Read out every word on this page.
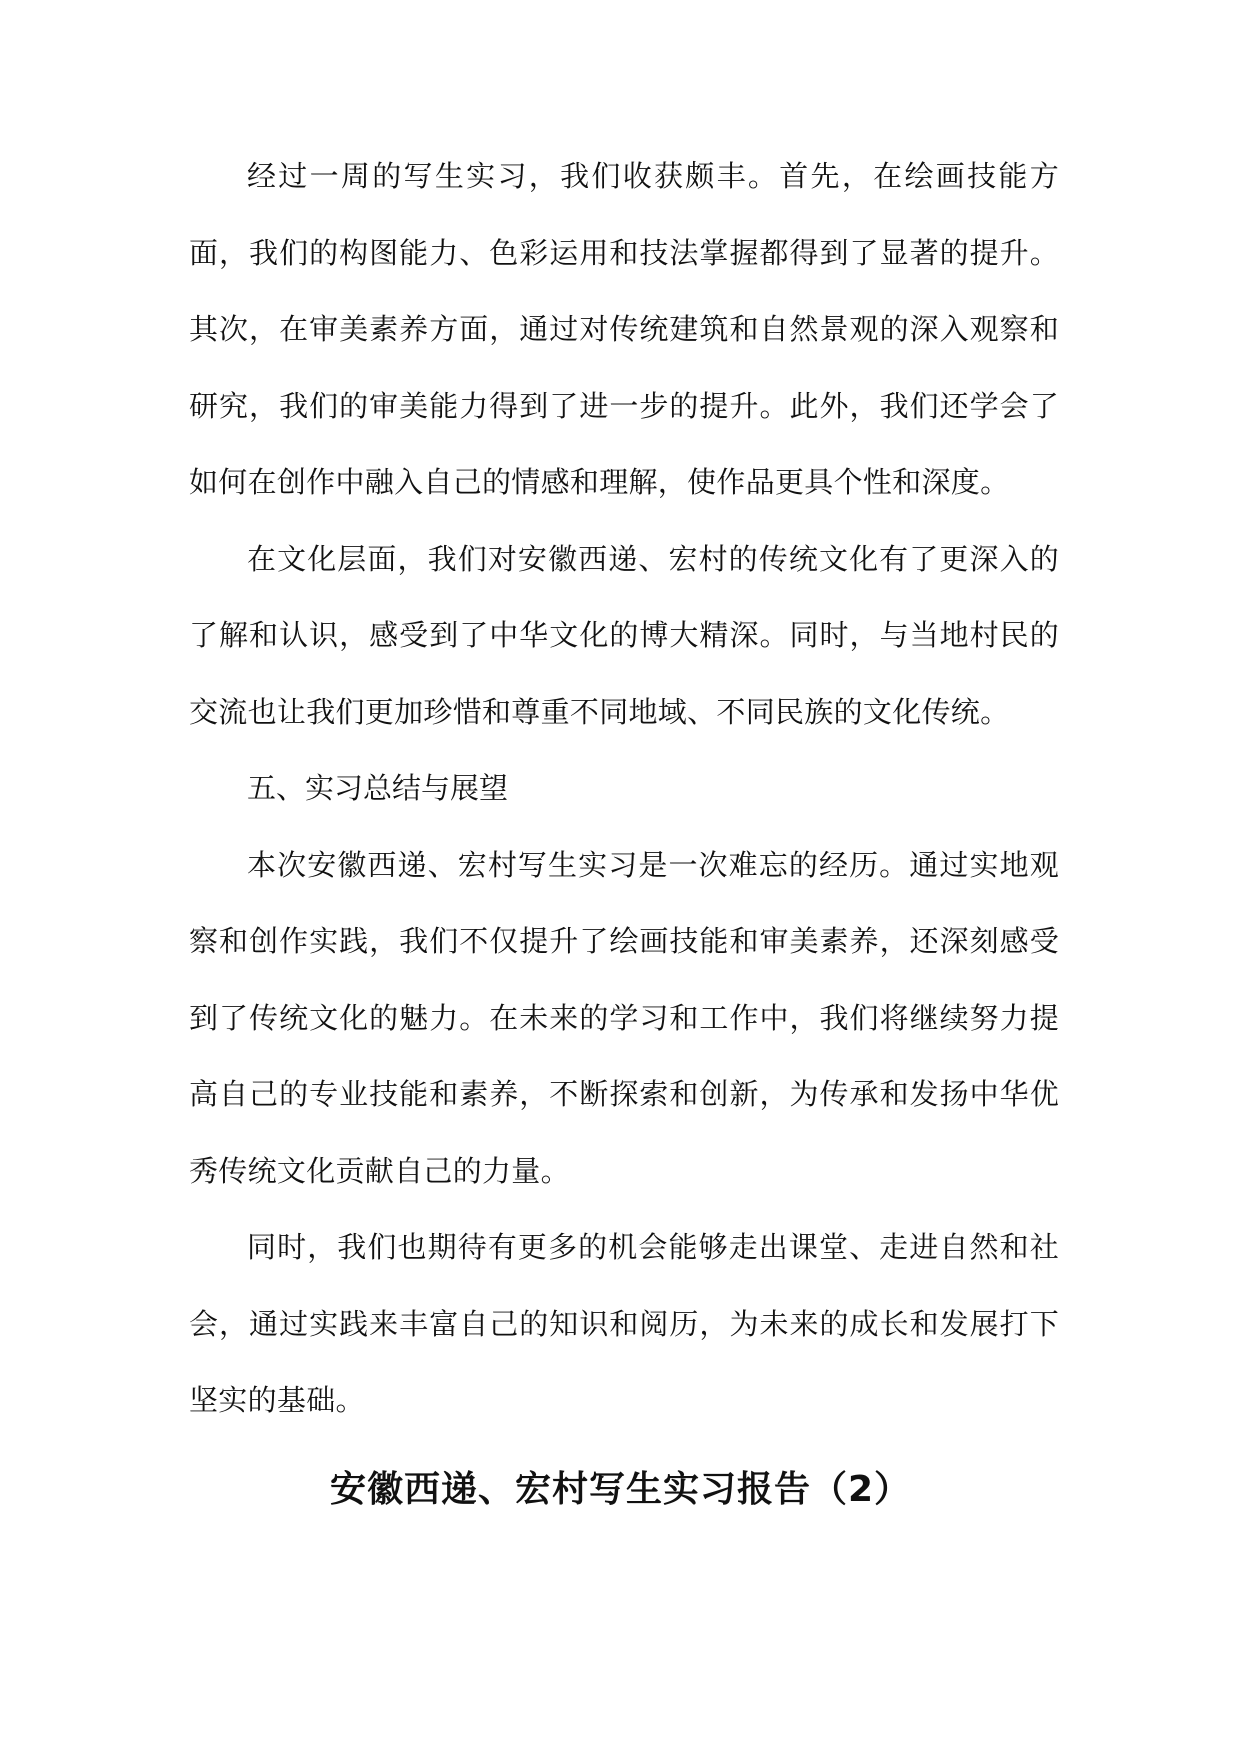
经过一周的写生实习，我们收获颇丰。首先，在绘画技能方面，我们的构图能力、色彩运用和技法掌握都得到了显著的提升。其次，在审美素养方面，通过对传统建筑和自然景观的深入观察和研究，我们的审美能力得到了进一步的提升。此外，我们还学会了如何在创作中融入自己的情感和理解，使作品更具个性和深度。

在文化层面，我们对安徽西递、宏村的传统文化有了更深入的了解和认识，感受到了中华文化的博大精深。同时，与当地村民的交流也让我们更加珍惜和尊重不同地域、不同民族的文化传统。

五、实习总结与展望

本次安徽西递、宏村写生实习是一次难忘的经历。通过实地观察和创作实践，我们不仅提升了绘画技能和审美素养，还深刻感受到了传统文化的魅力。在未来的学习和工作中，我们将继续努力提高自己的专业技能和素养，不断探索和创新，为传承和发扬中华优秀传统文化贡献自己的力量。

同时，我们也期待有更多的机会能够走出课堂、走进自然和社会，通过实践来丰富自己的知识和阅历，为未来的成长和发展打下坚实的基础。

安徽西递、宏村写生实习报告（2）
